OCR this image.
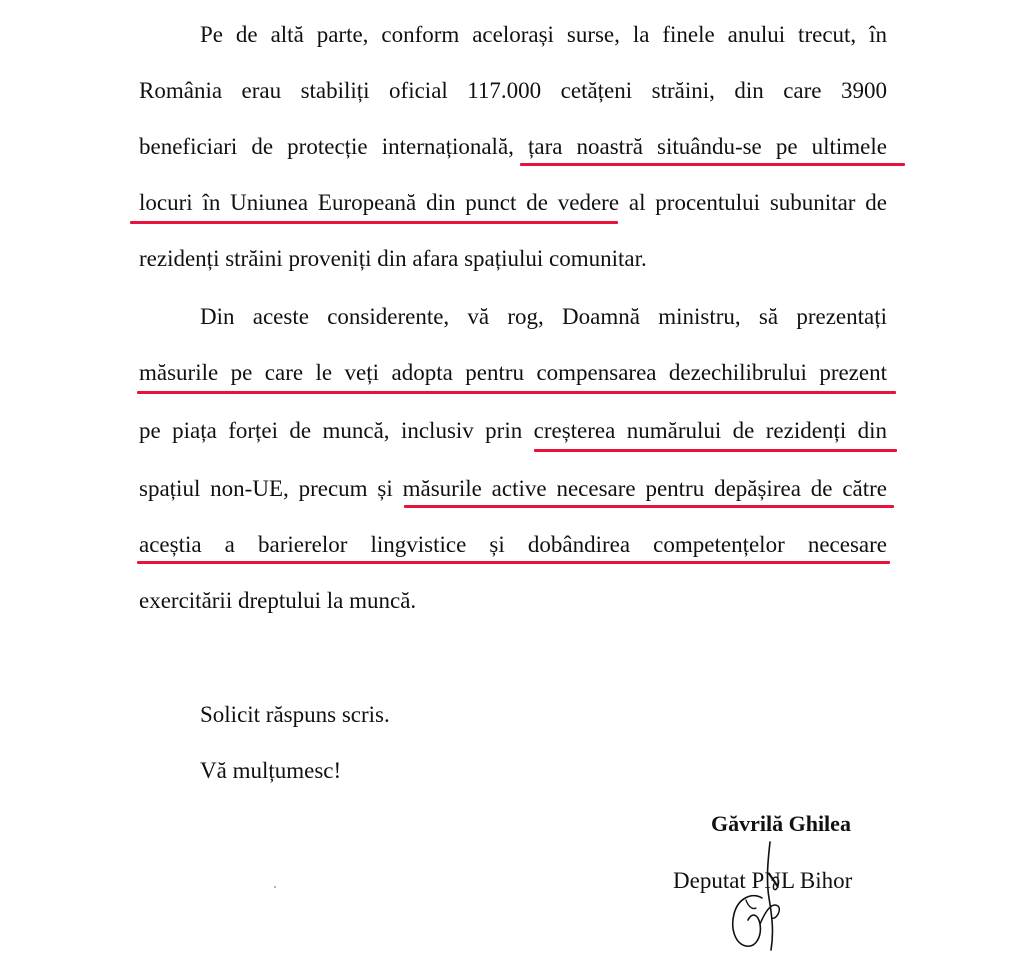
Pe de altă parte, conform acelorași surse, la finele anului trecut, în
România erau stabiliți oficial 117.000 cetățeni străini, din care 3900
beneficiari de protecție internațională, țara noastră situându-se pe ultimele
locuri în Uniunea Europeană din punct de vedere al procentului subunitar de
rezidenți străini proveniți din afara spațiului comunitar.
Din aceste considerente, vă rog, Doamnă ministru, să prezentați
măsurile pe care le veți adopta pentru compensarea dezechilibrului prezent
pe piața forței de muncă, inclusiv prin creșterea numărului de rezidenți din
spațiul non-UE, precum și măsurile active necesare pentru depășirea de către
aceștia a barierelor lingvistice și dobândirea competențelor necesare
exercitării dreptului la muncă.
Solicit răspuns scris.
Vă mulțumesc!
Găvrilă Ghilea
Deputat PNL Bihor
